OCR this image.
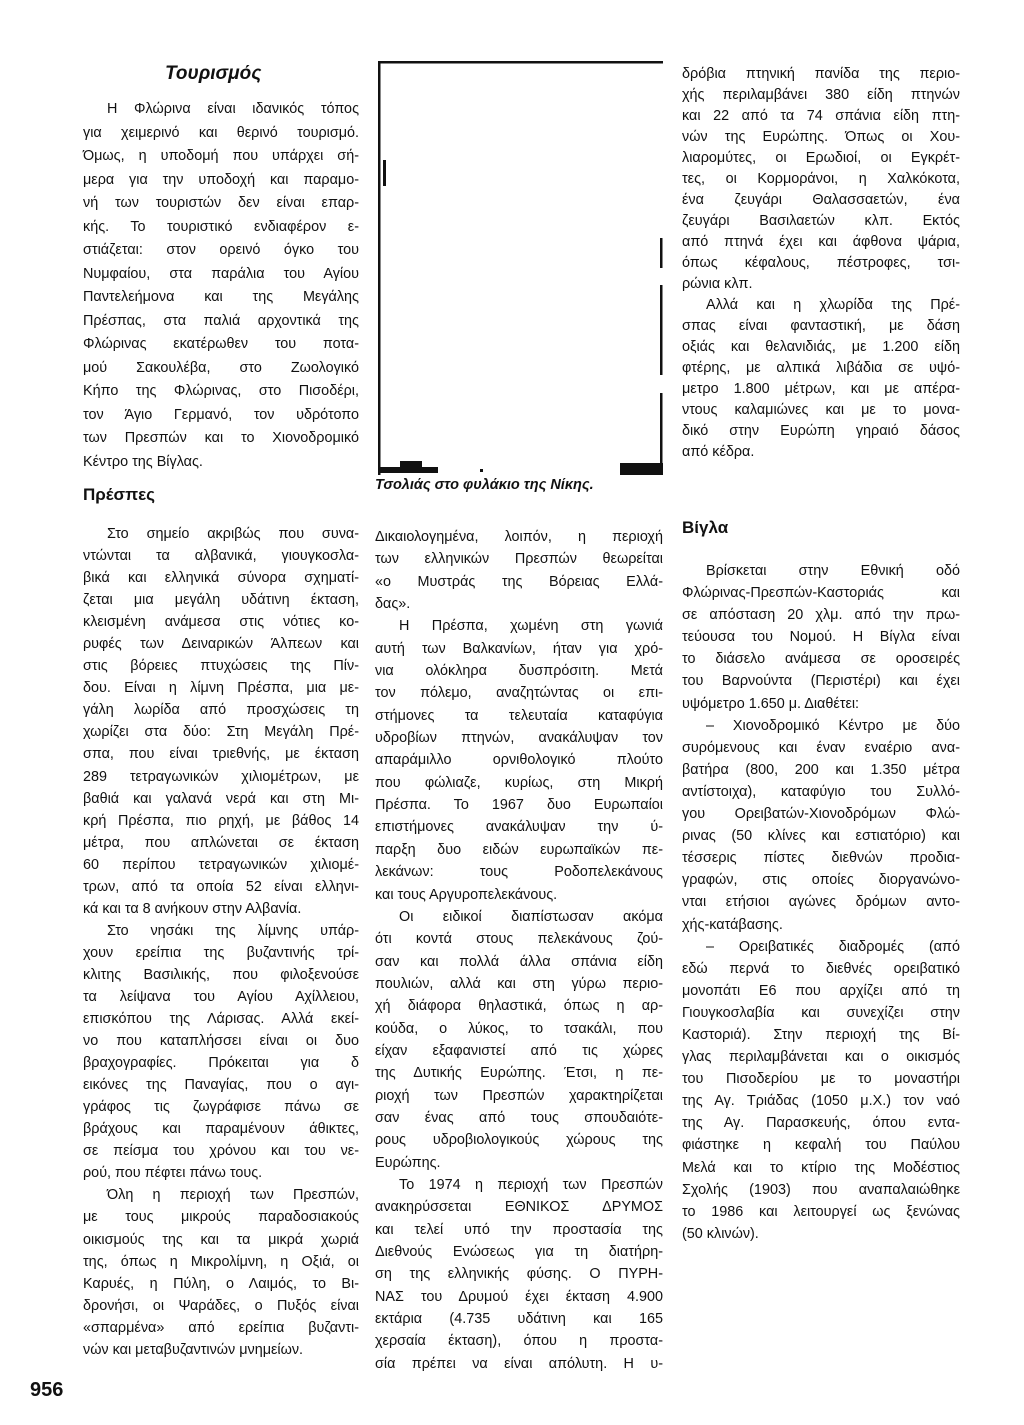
Τουρισμός
Η Φλώρινα είναι ιδανικός τόπος
για χειμερινό και θερινό τουρισμό.
Όμως, η υποδομή που υπάρχει σή-
μερα για την υποδοχή και παραμο-
νή των τουριστών δεν είναι επαρ-
κής. Το τουριστικό ενδιαφέρον ε-
στιάζεται: στον ορεινό όγκο του
Νυμφαίου, στα παράλια του Αγίου
Παντελεήμονα και της Μεγάλης
Πρέσπας, στα παλιά αρχοντικά της
Φλώρινας εκατέρωθεν του ποτα-
μού Σακουλέβα, στο Ζωολογικό
Κήπο της Φλώρινας, στο Πισοδέρι,
τον Άγιο Γερμανό, τον υδρότοπο
των Πρεσπών και το Χιονοδρομικό
Κέντρο της Βίγλας.
Πρέσπες
Στο σημείο ακριβώς που συνα-
ντώνται τα αλβανικά, γιουγκοσλα-
βικά και ελληνικά σύνορα σχηματί-
ζεται μια μεγάλη υδάτινη έκταση,
κλεισμένη ανάμεσα στις νότιες κο-
ρυφές των Δειναρικών Άλπεων και
στις βόρειες πτυχώσεις της Πίν-
δου. Είναι η λίμνη Πρέσπα, μια με-
γάλη λωρίδα από προσχώσεις τη
χωρίζει στα δύο: Στη Μεγάλη Πρέ-
σπα, που είναι τριεθνής, με έκταση
289 τετραγωνικών χιλιομέτρων, με
βαθιά και γαλανά νερά και στη Μι-
κρή Πρέσπα, πιο ρηχή, με βάθος 14
μέτρα, που απλώνεται σε έκταση
60 περίπου τετραγωνικών χιλιομέ-
τρων, από τα οποία 52 είναι ελληνι-
κά και τα 8 ανήκουν στην Αλβανία.
Στο νησάκι της λίμνης υπάρ-
χουν ερείπια της βυζαντινής τρί-
κλιτης Βασιλικής, που φιλοξενούσε
τα λείψανα του Αγίου Αχίλλειου,
επισκόπου της Λάρισας. Αλλά εκεί-
νο που καταπλήσσει είναι οι δυο
βραχογραφίες. Πρόκειται για δ
εικόνες της Παναγίας, που ο αγι-
γράφος τις ζωγράφισε πάνω σε
βράχους και παραμένουν άθικτες,
σε πείσμα του χρόνου και του νε-
ρού, που πέφτει πάνω τους.
Όλη η περιοχή των Πρεσπών,
με τους μικρούς παραδοσιακούς
οικισμούς της και τα μικρά χωριά
της, όπως η Μικρολίμνη, η Οξιά, οι
Καρυές, η Πύλη, ο Λαιμός, το Βι-
δρονήσι, οι Ψαράδες, ο Πυξός είναι
«σπαρμένα» από ερείπια βυζαντι-
νών και μεταβυζαντινών μνημείων.
Τσολιάς στο φυλάκιο της Νίκης.
Δικαιολογημένα, λοιπόν, η περιοχή
των ελληνικών Πρεσπών θεωρείται
«ο Μυστράς της Βόρειας Ελλά-
δας».
Η Πρέσπα, χωμένη στη γωνιά
αυτή των Βαλκανίων, ήταν για χρό-
νια ολόκληρα δυσπρόσιτη. Μετά
τον πόλεμο, αναζητώντας οι επι-
στήμονες τα τελευταία καταφύγια
υδροβίων πτηνών, ανακάλυψαν τον
απαράμιλλο ορνιθολογικό πλούτο
που φώλιαζε, κυρίως, στη Μικρή
Πρέσπα. Το 1967 δυο Ευρωπαίοι
επιστήμονες ανακάλυψαν την ύ-
παρξη δυο ειδών ευρωπαϊκών πε-
λεκάνων: τους Ροδοπελεκάνους
και τους Αργυροπελεκάνους.
Οι ειδικοί διαπίστωσαν ακόμα
ότι κοντά στους πελεκάνους ζού-
σαν και πολλά άλλα σπάνια είδη
πουλιών, αλλά και στη γύρω περιο-
χή διάφορα θηλαστικά, όπως η αρ-
κούδα, ο λύκος, το τσακάλι, που
είχαν εξαφανιστεί από τις χώρες
της Δυτικής Ευρώπης. Έτσι, η πε-
ριοχή των Πρεσπών χαρακτηρίζεται
σαν ένας από τους σπουδαιότε-
ρους υδροβιολογικούς χώρους της
Ευρώπης.
Το 1974 η περιοχή των Πρεσπών
ανακηρύσσεται ΕΘΝΙΚΟΣ ΔΡΥΜΟΣ
και τελεί υπό την προστασία της
Διεθνούς Ενώσεως για τη διατήρη-
ση της ελληνικής φύσης. Ο ΠΥΡΗ-
ΝΑΣ του Δρυμού έχει έκταση 4.900
εκτάρια (4.735 υδάτινη και 165
χερσαία έκταση), όπου η προστα-
σία πρέπει να είναι απόλυτη. Η υ-
δρόβια πτηνική πανίδα της περιο-
χής περιλαμβάνει 380 είδη πτηνών
και 22 από τα 74 σπάνια είδη πτη-
νών της Ευρώπης. Όπως οι Χου-
λιαρομύτες, οι Ερωδιοί, οι Εγκρέτ-
τες, οι Κορμοράνοι, η Χαλκόκοτα,
ένα ζευγάρι Θαλασσαετών, ένα
ζευγάρι Βασιλαετών κλπ. Εκτός
από πτηνά έχει και άφθονα ψάρια,
όπως κέφαλους, πέστροφες, τσι-
ρώνια κλπ.
Αλλά και η χλωρίδα της Πρέ-
σπας είναι φανταστική, με δάση
οξιάς και θελανιδιάς, με 1.200 είδη
φτέρης, με αλπικά λιβάδια σε υψό-
μετρο 1.800 μέτρων, και με απέρα-
ντους καλαμιώνες και με το μονα-
δικό στην Ευρώπη γηραιό δάσος
από κέδρα.
Βίγλα
Βρίσκεται στην Εθνική οδό
Φλώρινας-Πρεσπών-Καστοριάς και
σε απόσταση 20 χλμ. από την πρω-
τεύουσα του Νομού. Η Βίγλα είναι
το διάσελο ανάμεσα σε οροσειρές
του Βαρνούντα (Περιστέρι) και έχει
υψόμετρο 1.650 μ. Διαθέτει:
– Χιονοδρομικό Κέντρο με δύο
συρόμενους και έναν εναέριο ανα-
βατήρα (800, 200 και 1.350 μέτρα
αντίστοιχα), καταφύγιο του Συλλό-
γου Ορειβατών-Χιονοδρόμων Φλώ-
ρινας (50 κλίνες και εστιατόριο) και
τέσσερις πίστες διεθνών προδια-
γραφών, στις οποίες διοργανώνο-
νται ετήσιοι αγώνες δρόμων αντο-
χής-κατάβασης.
– Ορειβατικές διαδρομές (από
εδώ περνά το διεθνές ορειβατικό
μονοπάτι Ε6 που αρχίζει από τη
Γιουγκοσλαβία και συνεχίζει στην
Καστοριά). Στην περιοχή της Βί-
γλας περιλαμβάνεται και ο οικισμός
του Πισοδερίου με το μοναστήρι
της Αγ. Τριάδας (1050 μ.Χ.) τον ναό
της Αγ. Παρασκευής, όπου εντα-
φιάστηκε η κεφαλή του Παύλου
Μελά και το κτίριο της Μοδέστιος
Σχολής (1903) που αναπαλαιώθηκε
το 1986 και λειτουργεί ως ξενώνας
(50 κλινών).
956
